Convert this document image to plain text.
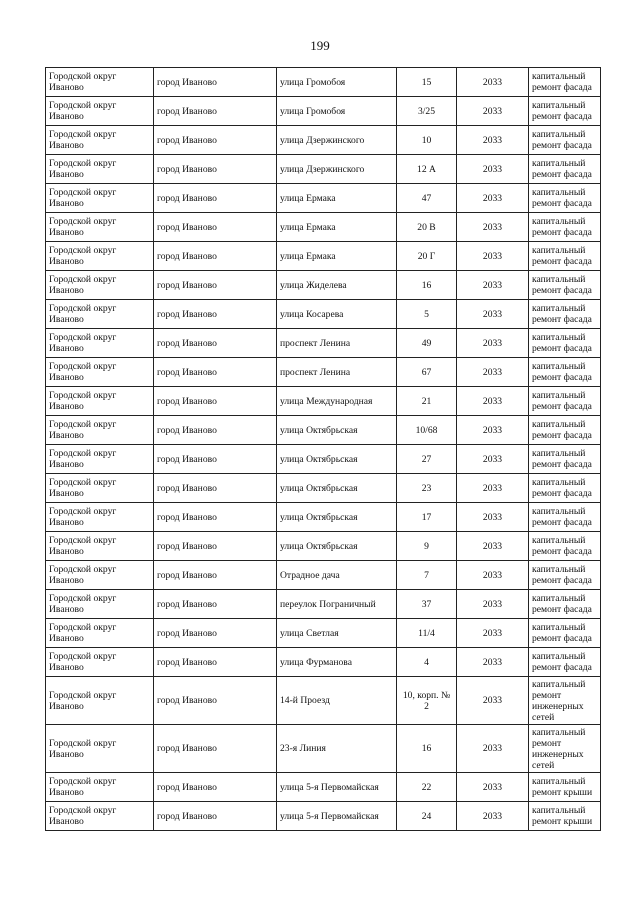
199
Городской округ Иваново	город Иваново	улица Громобоя	15	2033	капитальный ремонт фасада
Городской округ Иваново	город Иваново	улица Громобоя	3/25	2033	капитальный ремонт фасада
Городской округ Иваново	город Иваново	улица Дзержинского	10	2033	капитальный ремонт фасада
Городской округ Иваново	город Иваново	улица Дзержинского	12 А	2033	капитальный ремонт фасада
Городской округ Иваново	город Иваново	улица Ермака	47	2033	капитальный ремонт фасада
Городской округ Иваново	город Иваново	улица Ермака	20 В	2033	капитальный ремонт фасада
Городской округ Иваново	город Иваново	улица Ермака	20 Г	2033	капитальный ремонт фасада
Городской округ Иваново	город Иваново	улица Жиделева	16	2033	капитальный ремонт фасада
Городской округ Иваново	город Иваново	улица Косарева	5	2033	капитальный ремонт фасада
Городской округ Иваново	город Иваново	проспект Ленина	49	2033	капитальный ремонт фасада
Городской округ Иваново	город Иваново	проспект Ленина	67	2033	капитальный ремонт фасада
Городской округ Иваново	город Иваново	улица Международная	21	2033	капитальный ремонт фасада
Городской округ Иваново	город Иваново	улица Октябрьская	10/68	2033	капитальный ремонт фасада
Городской округ Иваново	город Иваново	улица Октябрьская	27	2033	капитальный ремонт фасада
Городской округ Иваново	город Иваново	улица Октябрьская	23	2033	капитальный ремонт фасада
Городской округ Иваново	город Иваново	улица Октябрьская	17	2033	капитальный ремонт фасада
Городской округ Иваново	город Иваново	улица Октябрьская	9	2033	капитальный ремонт фасада
Городской округ Иваново	город Иваново	Отрадное дача	7	2033	капитальный ремонт фасада
Городской округ Иваново	город Иваново	переулок Пограничный	37	2033	капитальный ремонт фасада
Городской округ Иваново	город Иваново	улица Светлая	11/4	2033	капитальный ремонт фасада
Городской округ Иваново	город Иваново	улица Фурманова	4	2033	капитальный ремонт фасада
Городской округ Иваново	город Иваново	14-й Проезд	10, корп. № 2	2033	капитальный ремонт инженерных сетей
Городской округ Иваново	город Иваново	23-я Линия	16	2033	капитальный ремонт инженерных сетей
Городской округ Иваново	город Иваново	улица 5-я Первомайская	22	2033	капитальный ремонт крыши
Городской округ Иваново	город Иваново	улица 5-я Первомайская	24	2033	капитальный ремонт крыши
